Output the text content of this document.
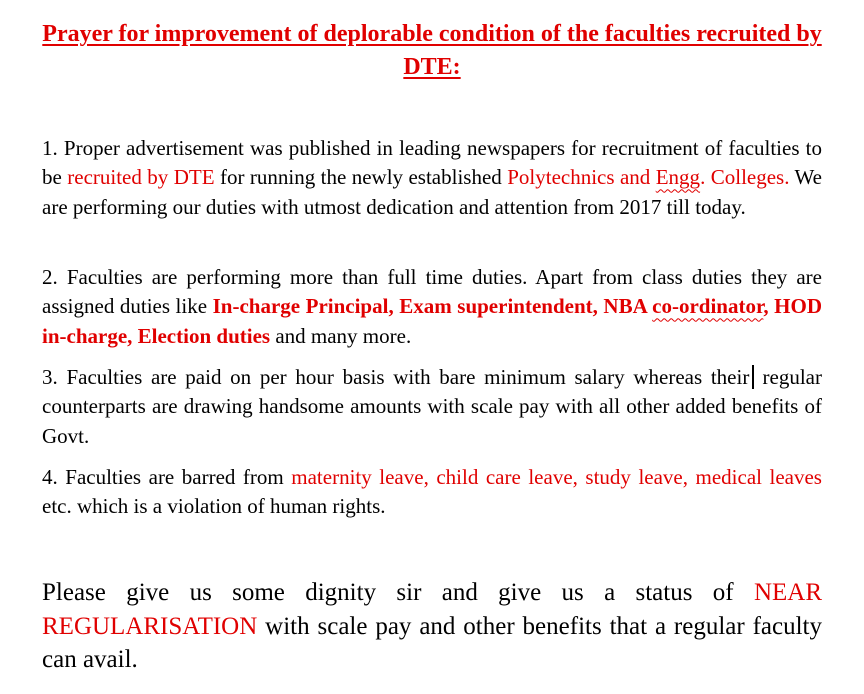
Prayer for improvement of deplorable condition of the faculties recruited by DTE:
1. Proper advertisement was published in leading newspapers for recruitment of faculties to be recruited by DTE for running the newly established Polytechnics and Engg. Colleges. We are performing our duties with utmost dedication and attention from 2017 till today.
2. Faculties are performing more than full time duties. Apart from class duties they are assigned duties like In-charge Principal, Exam superintendent, NBA co-ordinator, HOD in-charge, Election duties and many more.
3. Faculties are paid on per hour basis with bare minimum salary whereas their regular counterparts are drawing handsome amounts with scale pay with all other added benefits of Govt.
4. Faculties are barred from maternity leave, child care leave, study leave, medical leaves etc. which is a violation of human rights.
Please give us some dignity sir and give us a status of NEAR REGULARISATION with scale pay and other benefits that a regular faculty can avail.
